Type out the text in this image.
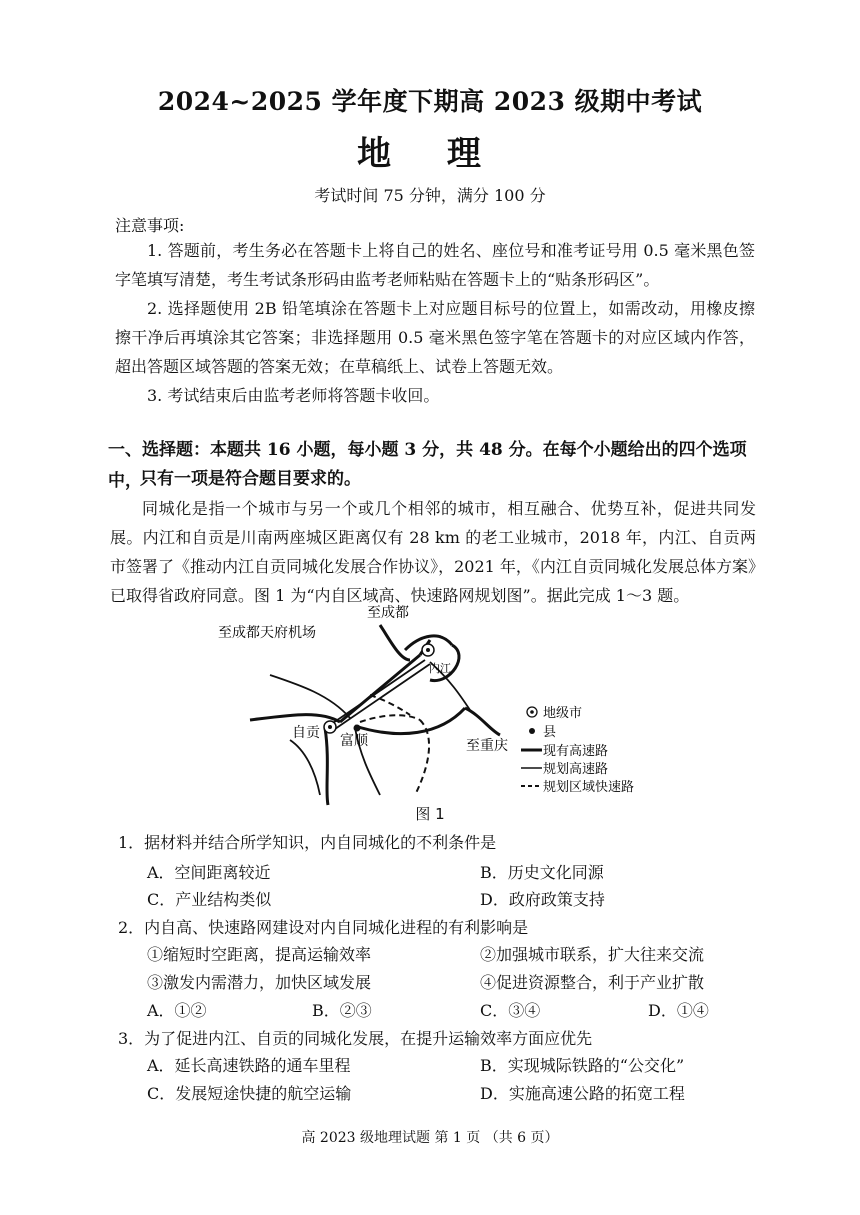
2024~2025 学年度下期高 2023 级期中考试
地 理
考试时间 75 分钟，满分 100 分
注意事项:
1. 答题前，考生务必在答题卡上将自己的姓名、座位号和准考证号用 0.5 毫米黑色签字笔填写清楚，考生考试条形码由监考老师粘贴在答题卡上的“贴条形码区”。
2. 选择题使用 2B 铅笔填涂在答题卡上对应题目标号的位置上，如需改动，用橡皮擦擦干净后再填涂其它答案；非选择题用 0.5 毫米黑色签字笔在答题卡的对应区域内作答，超出答题区域答题的答案无效；在草稿纸上、试卷上答题无效。
3. 考试结束后由监考老师将答题卡收回。
一、选择题：本题共 16 小题，每小题 3 分，共 48 分。在每个小题给出的四个选项中，
只有一项是符合题目要求的。
同城化是指一个城市与另一个或几个相邻的城市，相互融合、优势互补，促进共同发展。内江和自贡是川南两座城区距离仅有 28 km 的老工业城市，2018 年，内江、自贡两市签署了《推动内江自贡同城化发展合作协议》，2021 年，《内江自贡同城化发展总体方案》已取得省政府同意。图 1 为“内自区域高、快速路网规划图”。据此完成 1～3 题。
至成都
至成都天府机场
内江
自贡 富顺	至重庆
地级市
县
现有高速路
规划高速路
规划区域快速路
图 1
1．据材料并结合所学知识，内自同城化的不利条件是
A．空间距离较近	B．历史文化同源
C．产业结构类似	D．政府政策支持
2．内自高、快速路网建设对内自同城化进程的有利影响是
①缩短时空距离，提高运输效率	②加强城市联系，扩大往来交流
③激发内需潜力，加快区域发展	④促进资源整合，利于产业扩散
A．①②	B．②③	C．③④	D．①④
3．为了促进内江、自贡的同城化发展，在提升运输效率方面应优先
A．延长高速铁路的通车里程	B．实现城际铁路的“公交化”
C．发展短途快捷的航空运输	D．实施高速公路的拓宽工程
高 2023 级地理试题 第 1 页 （共 6 页）
